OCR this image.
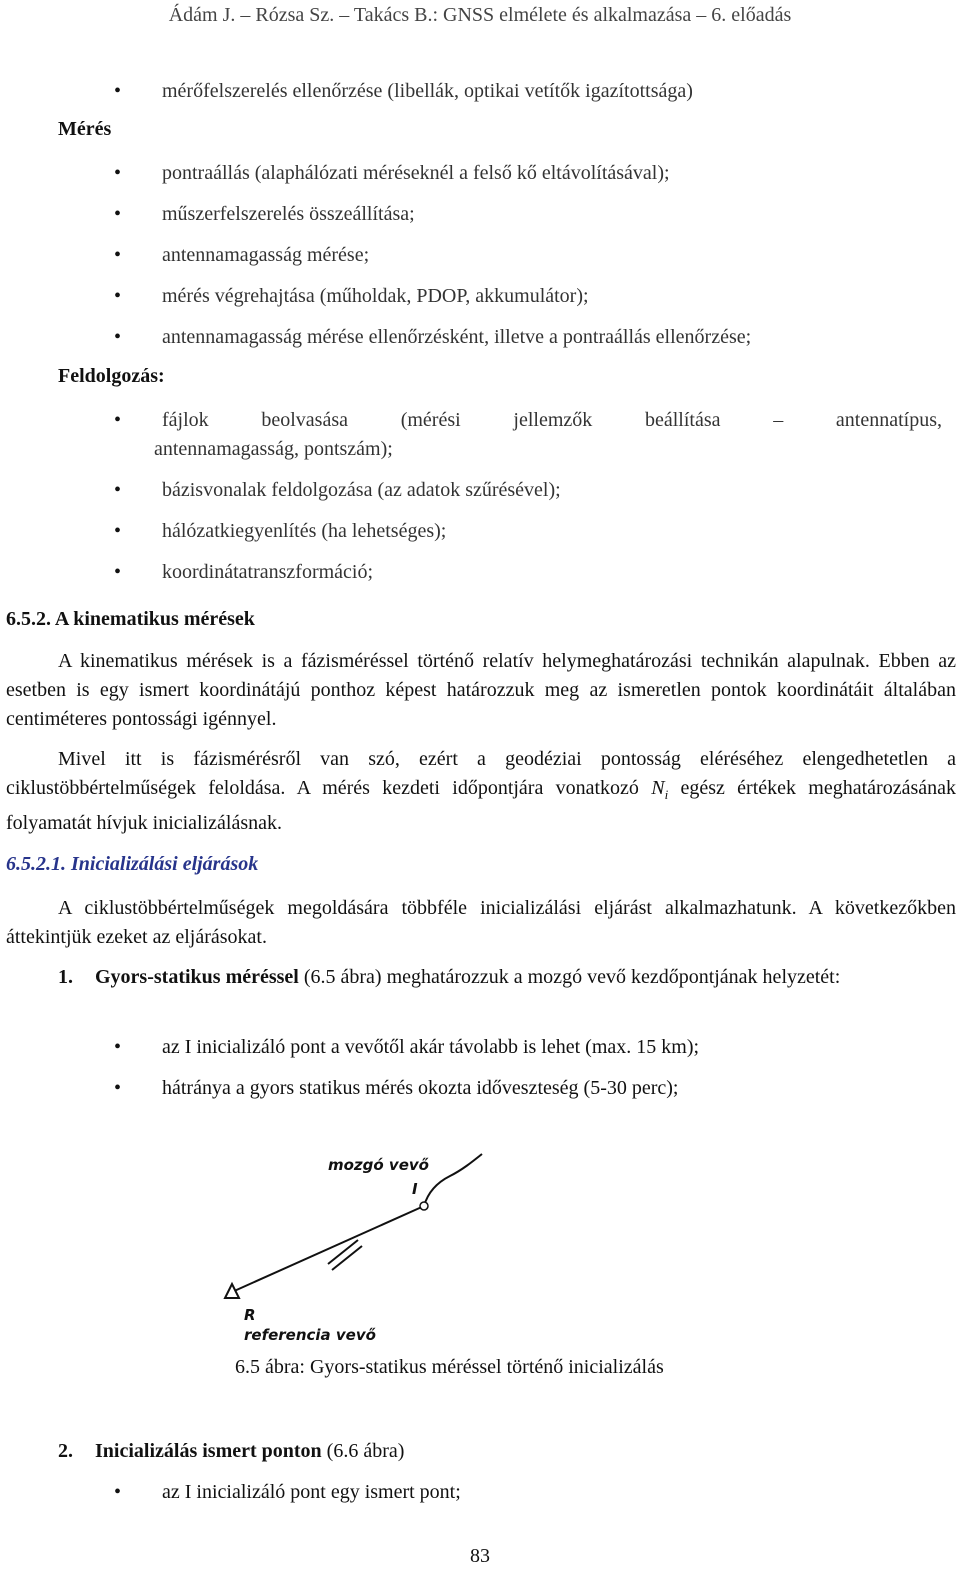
Ádám J. – Rózsa Sz. – Takács B.: GNSS elmélete és alkalmazása – 6. előadás
• mérőfelszerelés ellenőrzése (libellák, optikai vetítők igazítottsága)
Mérés
• pontraállás (alaphálózati méréseknél a felső kő eltávolításával);
• műszerfelszerelés összeállítása;
• antennamagasság mérése;
• mérés végrehajtása (műholdak, PDOP, akkumulátor);
• antennamagasság mérése ellenőrzésként, illetve a pontraállás ellenőrzése;
Feldolgozás:
• fájlok beolvasása (mérési jellemzők beállítása – antennatípus,
antennamagasság, pontszám);
• bázisvonalak feldolgozása (az adatok szűrésével);
• hálózatkiegyenlítés (ha lehetséges);
• koordinátatranszformáció;
6.5.2. A kinematikus mérések
A kinematikus mérések is a fázisméréssel történő relatív helymeghatározási technikán alapulnak. Ebben az esetben is egy ismert koordinátájú ponthoz képest határozzuk meg az ismeretlen pontok koordinátáit általában centiméteres pontossági igénnyel.
Mivel itt is fázismérésről van szó, ezért a geodéziai pontosság eléréséhez elengedhetetlen a ciklustöbbértelműségek feloldása. A mérés kezdeti időpontjára vonatkozó $N_i$ egész értékek meghatározásának folyamatát hívjuk inicializálásnak.
6.5.2.1. Inicializálási eljárások
A ciklustöbbértelműségek megoldására többféle inicializálási eljárást alkalmazhatunk. A következőkben áttekintjük ezeket az eljárásokat.
1. Gyors-statikus méréssel (6.5 ábra) meghatározzuk a mozgó vevő kezdőpontjának helyzetét:
• az I inicializáló pont a vevőtől akár távolabb is lehet (max. 15 km);
• hátránya a gyors statikus mérés okozta időveszteség (5-30 perc);
mozgó vevő
I
R
referencia vevő
6.5 ábra: Gyors-statikus méréssel történő inicializálás
2. Inicializálás ismert ponton (6.6 ábra)
• az I inicializáló pont egy ismert pont;
83
